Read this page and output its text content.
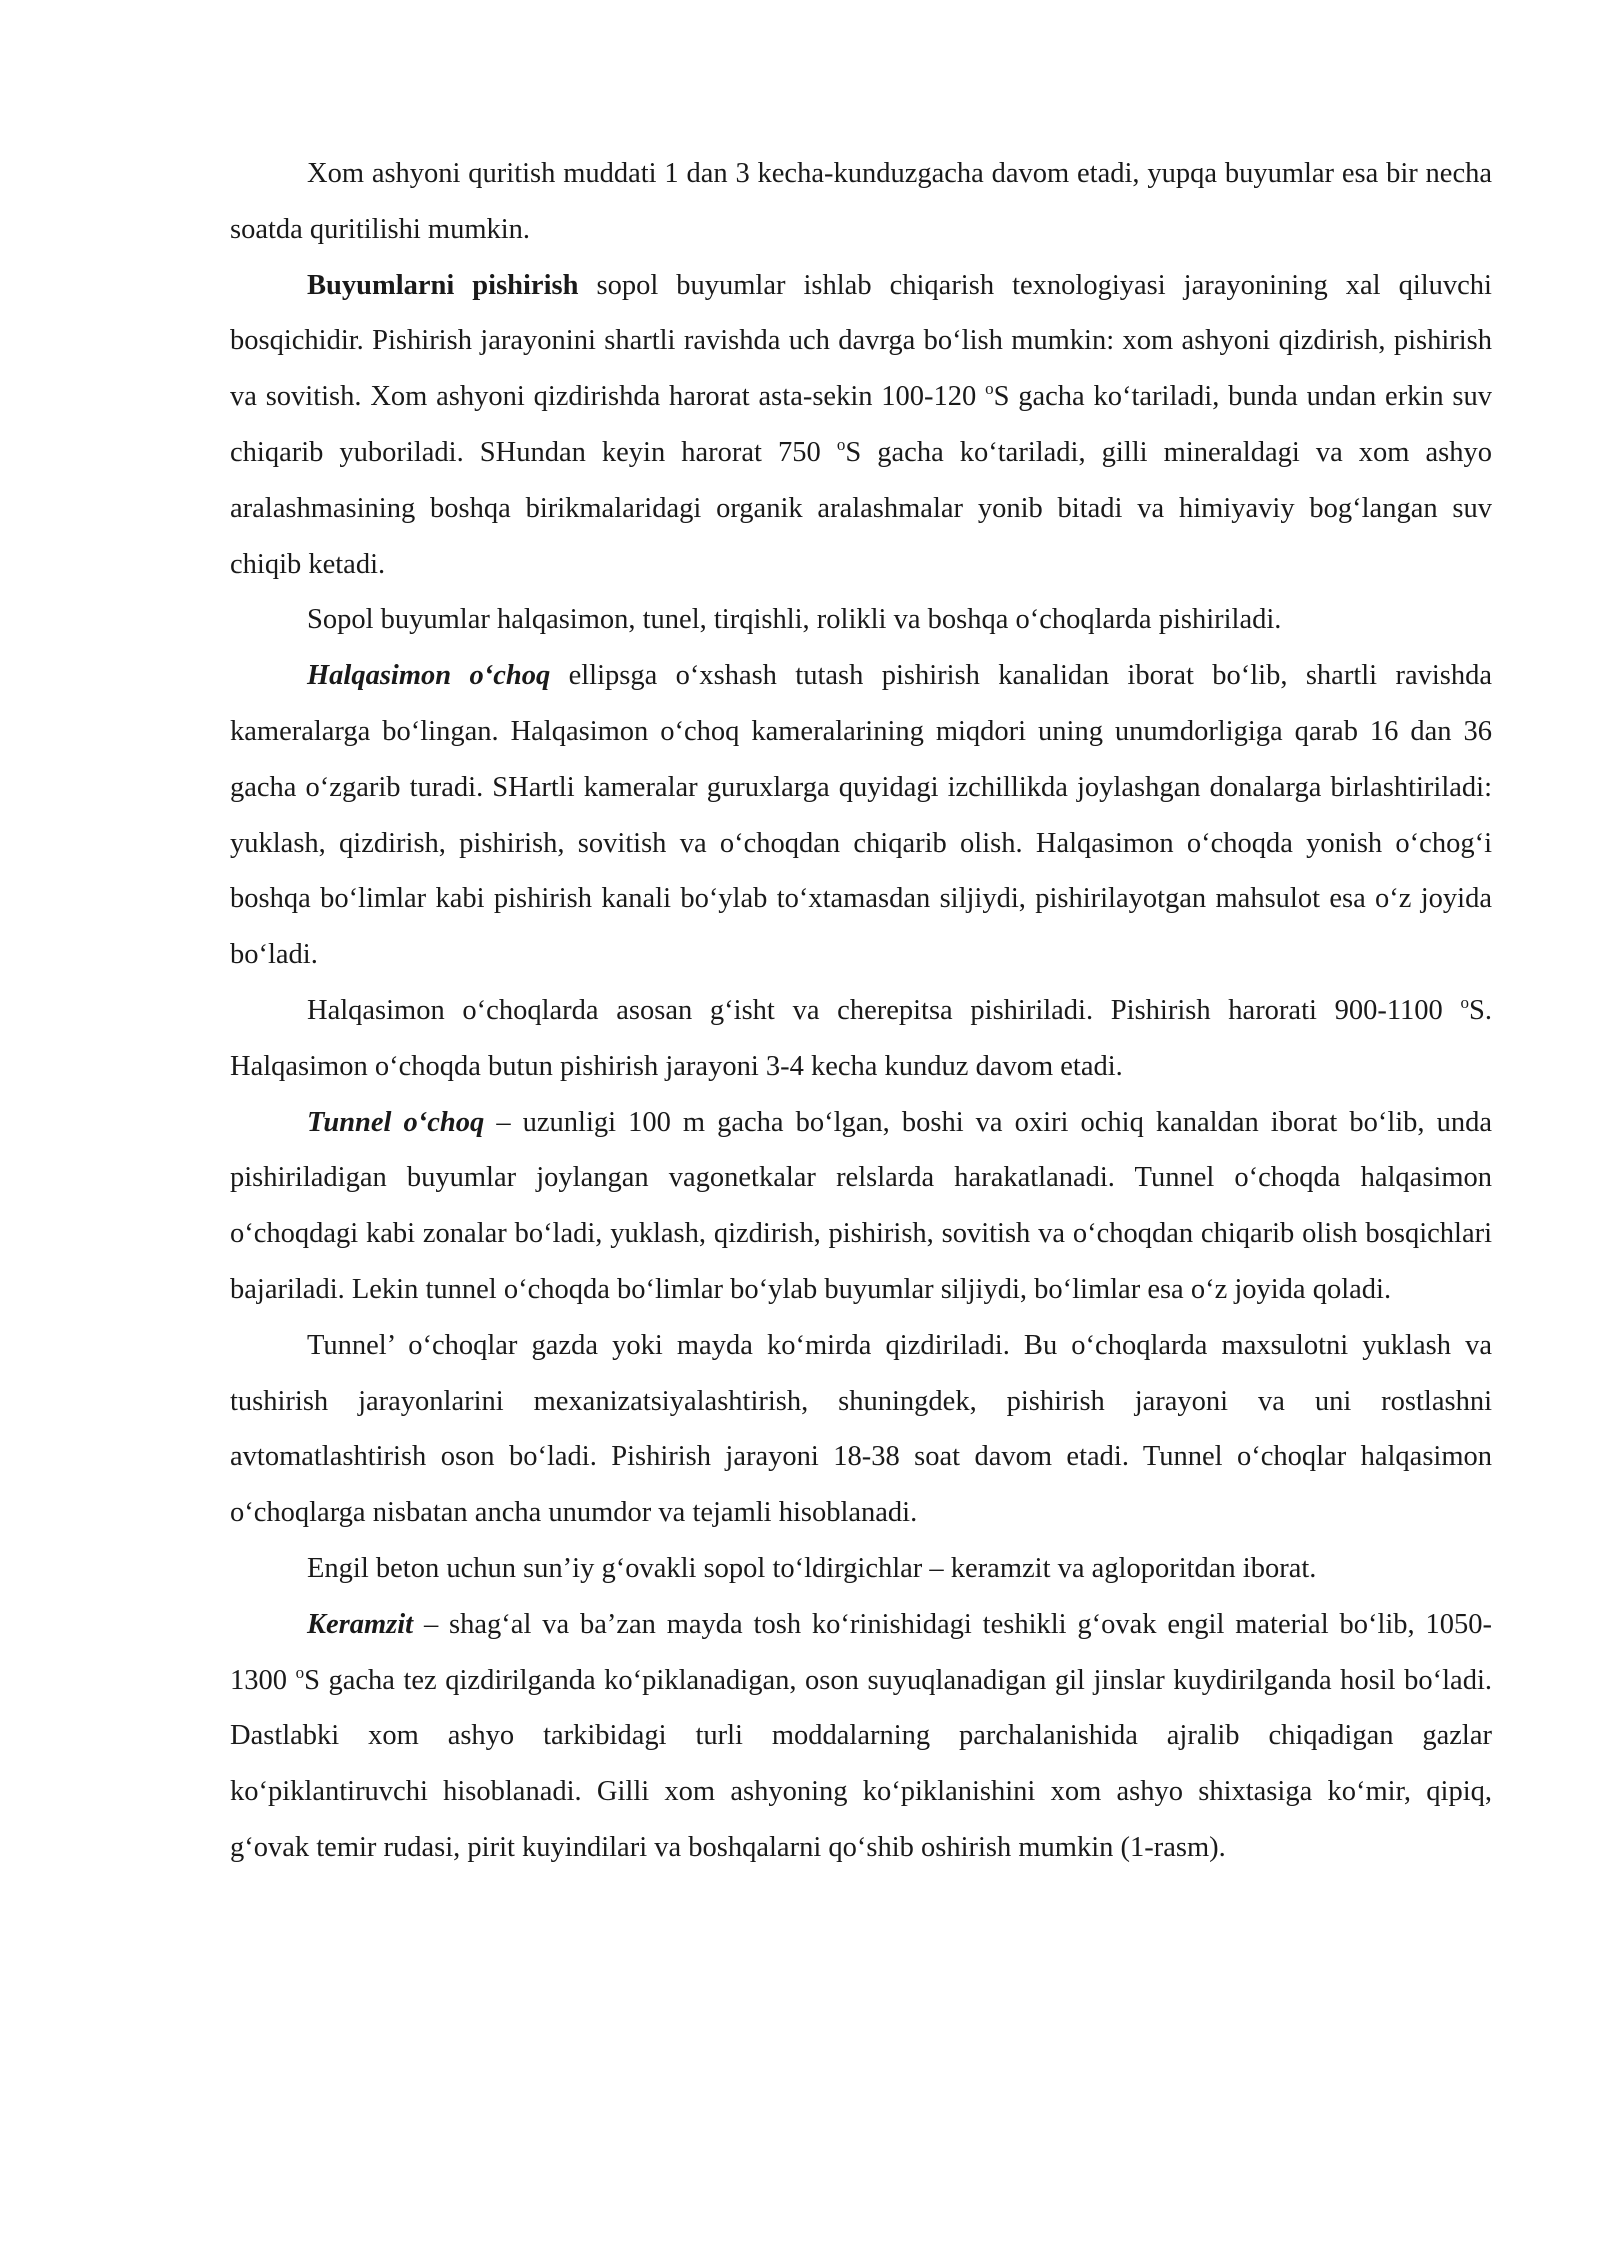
Xom ashyoni quritish muddati 1 dan 3 kecha-kunduzgacha davom etadi, yupqa buyumlar esa bir necha soatda quritilishi mumkin.

Buyumlarni pishirish sopol buyumlar ishlab chiqarish texnologiyasi jarayonining xal qiluvchi bosqichidir. Pishirish jarayonini shartli ravishda uch davrga bo‘lish mumkin: xom ashyoni qizdirish, pishirish va sovitish. Xom ashyoni qizdirishda harorat asta-sekin 100-120 $^o$S gacha ko‘tariladi, bunda undan erkin suv chiqarib yuboriladi. SHundan keyin harorat 750 $^o$S gacha ko‘tariladi, gilli mineraldagi va xom ashyo aralashmasining boshqa birikmalaridagi organik aralashmalar yonib bitadi va himiyaviy bog‘langan suv chiqib ketadi.

Sopol buyumlar halqasimon, tunel, tirqishli, rolikli va boshqa o‘choqlarda pishiriladi.

Halqasimon o‘choq ellipsga o‘xshash tutash pishirish kanalidan iborat bo‘lib, shartli ravishda kameralarga bo‘lingan. Halqasimon o‘choq kameralarining miqdori uning unumdorligiga qarab 16 dan 36 gacha o‘zgarib turadi. SHartli kameralar guruxlarga quyidagi izchillikda joylashgan donalarga birlashtiriladi: yuklash, qizdirish, pishirish, sovitish va o‘choqdan chiqarib olish. Halqasimon o‘choqda yonish o‘chog‘i boshqa bo‘limlar kabi pishirish kanali bo‘ylab to‘xtamasdan siljiydi, pishirilayotgan mahsulot esa o‘z joyida bo‘ladi.

Halqasimon o‘choqlarda asosan g‘isht va cherepitsa pishiriladi. Pishirish harorati 900-1100 $^o$S. Halqasimon o‘choqda butun pishirish jarayoni 3-4 kecha kunduz davom etadi.

Tunnel o‘choq – uzunligi 100 m gacha bo‘lgan, boshi va oxiri ochiq kanaldan iborat bo‘lib, unda pishiriladigan buyumlar joylangan vagonetkalar relslarda harakatlanadi. Tunnel o‘choqda halqasimon o‘choqdagi kabi zonalar bo‘ladi, yuklash, qizdirish, pishirish, sovitish va o‘choqdan chiqarib olish bosqichlari bajariladi. Lekin tunnel o‘choqda bo‘limlar bo‘ylab buyumlar siljiydi, bo‘limlar esa o‘z joyida qoladi.

Tunnel’ o‘choqlar gazda yoki mayda ko‘mirda qizdiriladi. Bu o‘choqlarda maxsulotni yuklash va tushirish jarayonlarini mexanizatsiyalashtirish, shuningdek, pishirish jarayoni va uni rostlashni avtomatlashtirish oson bo‘ladi. Pishirish jarayoni 18-38 soat davom etadi. Tunnel o‘choqlar halqasimon o‘choqlarga nisbatan ancha unumdor va tejamli hisoblanadi.

Engil beton uchun sun’iy g‘ovakli sopol to‘ldirgichlar – keramzit va agloporitdan iborat.

Keramzit – shag‘al va ba’zan mayda tosh ko‘rinishidagi teshikli g‘ovak engil material bo‘lib, 1050-1300 $^o$S gacha tez qizdirilganda ko‘piklanadigan, oson suyuqlanadigan gil jinslar kuydirilganda hosil bo‘ladi. Dastlabki xom ashyo tarkibidagi turli moddalarning parchalanishida ajralib chiqadigan gazlar ko‘piklantiruvchi hisoblanadi. Gilli xom ashyoning ko‘piklanishini xom ashyo shixtasiga ko‘mir, qipiq, g‘ovak temir rudasi, pirit kuyindilari va boshqalarni qo‘shib oshirish mumkin (1-rasm).
